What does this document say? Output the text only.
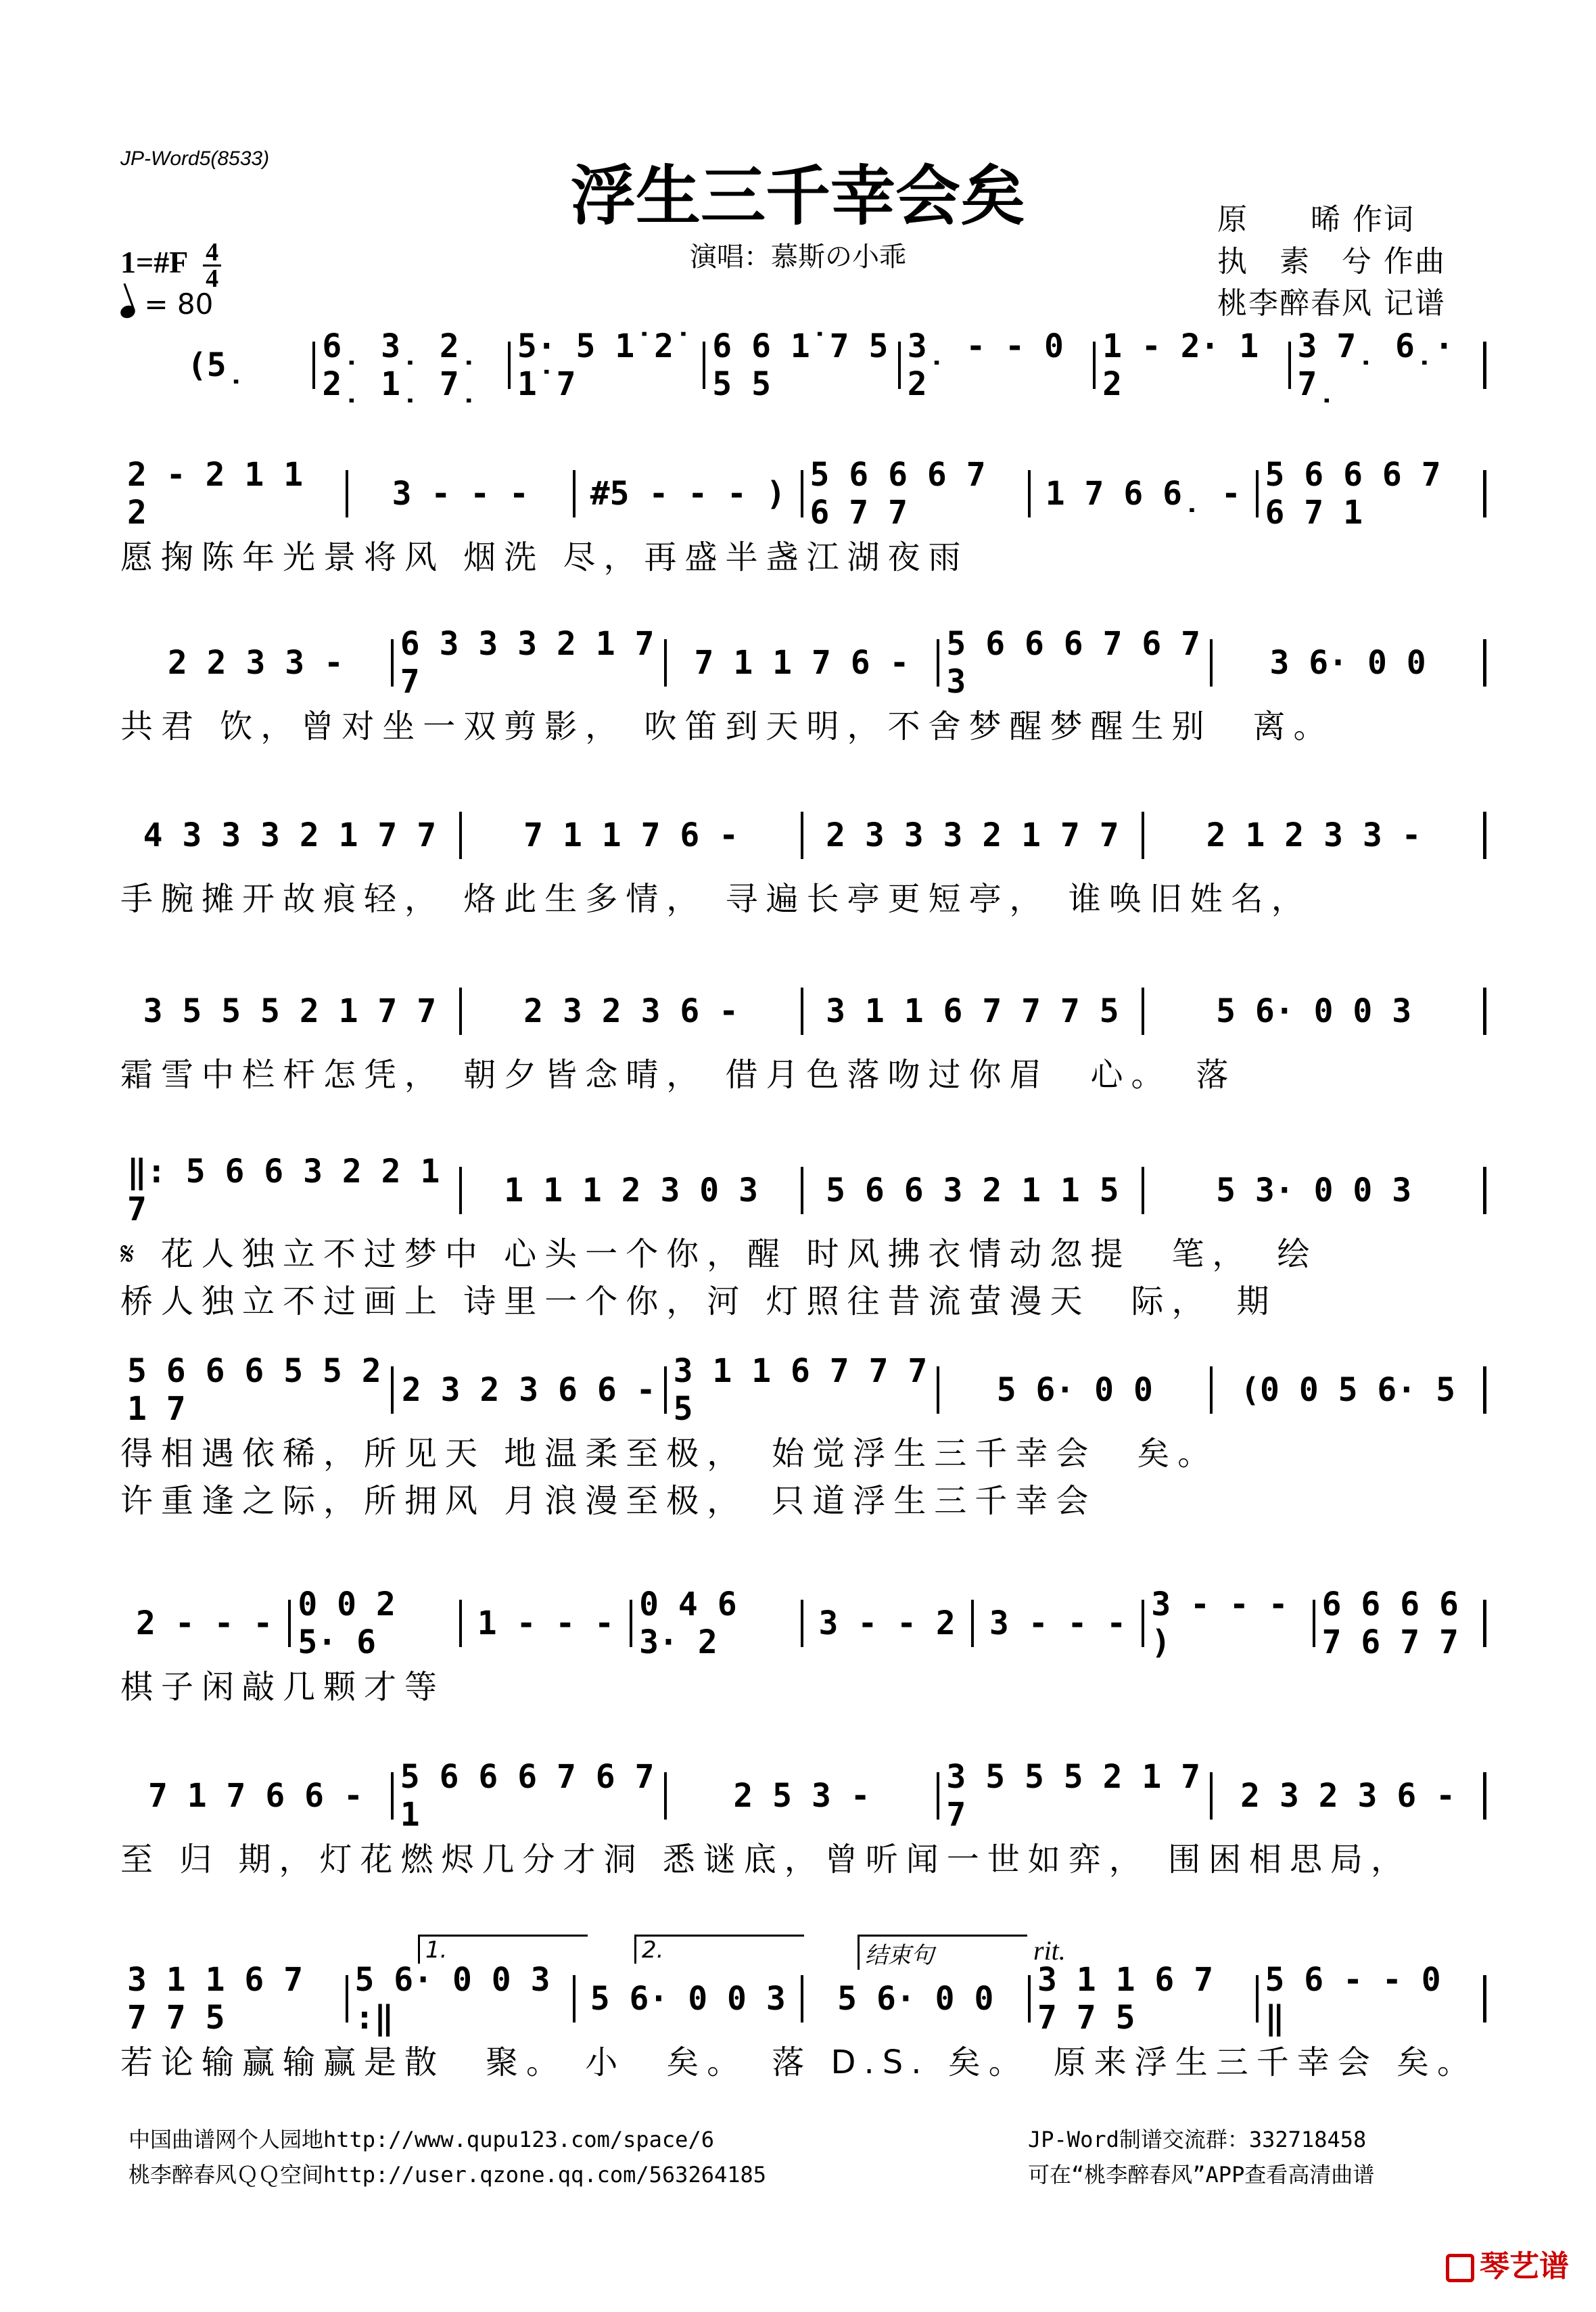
JP-Word5(8533)	浮生三千幸会矣
演唱：慕斯の小乖
原　　晞 作词
执　素　兮 作曲
桃李醉春风 记谱
1=#F $\frac{4}{4}$
= 80
(5̣	6̣ 3̣ 2̣ 2̣ 1̣ 7̣
5· 5 1̇ 2̇ 1̇ 7
6 6 1̇ 7 5 5 5
3̣ - - 0 2
1 - 2· 1 2
3 7̣ 6̣· 7̣
2 - 2 1 1 2	3 - - -	#5 - - - ) 5 6 6 6 7 6 7 7	1 7 6 6̣ - 5 6 6 6 7 6 7 1
愿掬陈年光景将风 烟洗 尽，再盛半盏江湖夜雨
2 2 3 3 -	6 3 3 3 2 1 7 7	7 1 1 7 6 -	5 6 6 6 7 6 7 3	3 6· 0 0
共君 饮，曾对坐一双剪影， 吹笛到天明，不舍梦醒梦醒生别　离。
4 3 3 3 2 1 7 7	7 1 1 7 6 -	2 3 3 3 2 1 7 7	2 1 2 3 3 -
手腕摊开故痕轻， 烙此生多情， 寻遍长亭更短亭， 谁唤旧姓名，
3 5 5 5 2 1 7 7	2 3 2 3 6 -	3 1 1 6 7 7 7 5	5 6· 0 0 3
霜雪中栏杆怎凭， 朝夕皆念晴， 借月色落吻过你眉　心。　落
‖: 5 6 6 3 2 2 1 7	1 1 1 2 3 0 3	5 6 6 3 2 1 1 5	5 3· 0 0 3
𝄋 花人独立不过梦中 心头一个你，醒 时风拂衣情动忽提　笔，　绘
桥人独立不过画上 诗里一个你，河 灯照往昔流萤漫天　际，　期
5 6 6 6 5 5 2 1 7	2 3 2 3 6 6 - 3 1 1 6 7 7 7 5	5 6· 0 0	(0 0 5 6· 5
得相遇依稀，所见天 地温柔至极，　始觉浮生三千幸会　矣。
许重逢之际，所拥风 月浪漫至极，　只道浮生三千幸会
2 - - - 0 0 2 5· 6	1 - - - 0 4 6 3· 2	3 - - 2	3 - - - 3 - - - )
6 6 6 6 7 6 7 7
棋子闲敲几颗才等
7 1 7 6 6 -	5 6 6 6 7 6 7 1	2 5 3 -	3 5 5 5 2 1 7 7	2 3 2 3 6 -
至 归 期，灯花燃烬几分才洞 悉谜底，曾听闻一世如弈， 围困相思局，
3 1 1 6 7 7 7 5
5 6· 0 0 3 :‖	5 6· 0 0 3	5 6· 0 0	3 1 1 6 7 7 7 5
5 6 - - 0 ‖
1.	2.	结束句	rit.
若论输赢输赢是散　聚。 小　矣。　落 D.S. 矣。　原来浮生三千幸会 矣。
中国曲谱网个人园地http://www.qupu123.com/space/6
桃李醉春风ＱＱ空间http://user.qzone.qq.com/563264185
JP-Word制谱交流群：332718458
可在“桃李醉春风”APP查看高清曲谱
琴艺谱
